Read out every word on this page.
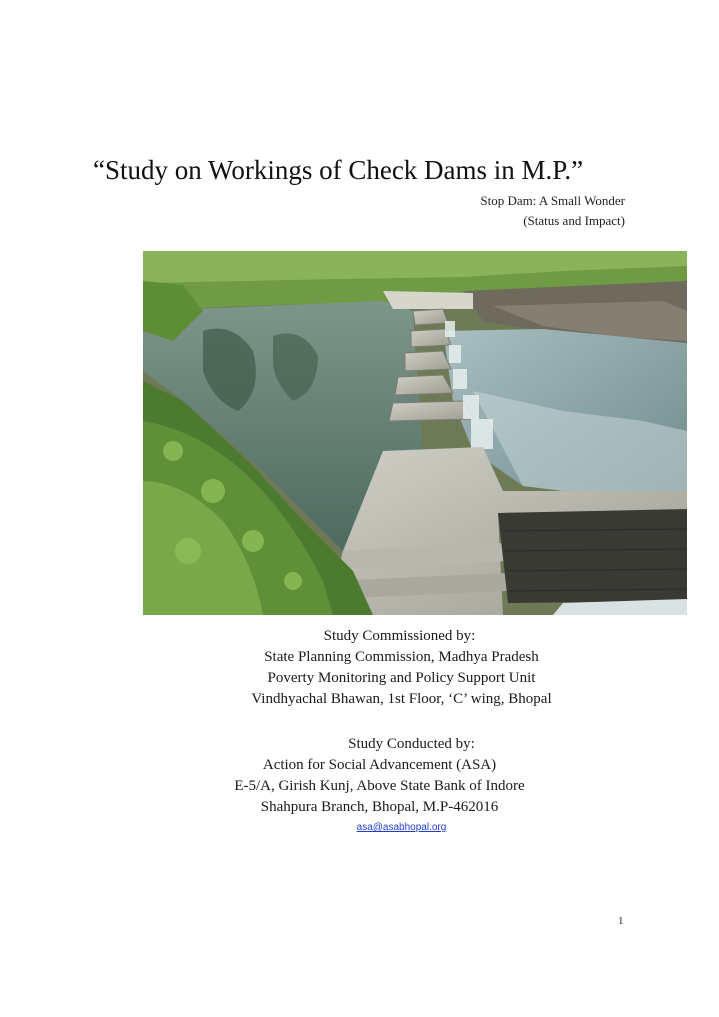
“Study on Workings of Check Dams in M.P.”
Stop Dam: A Small Wonder
(Status and Impact)
Study Commissioned by:
State Planning Commission, Madhya Pradesh
Poverty Monitoring and Policy Support Unit
Vindhyachal Bhawan, 1st Floor, ‘C’ wing, Bhopal
Study Conducted by:
Action for Social Advancement (ASA)
E-5/A, Girish Kunj, Above State Bank of Indore
Shahpura Branch, Bhopal, M.P-462016
asa@asabhopal.org
1
